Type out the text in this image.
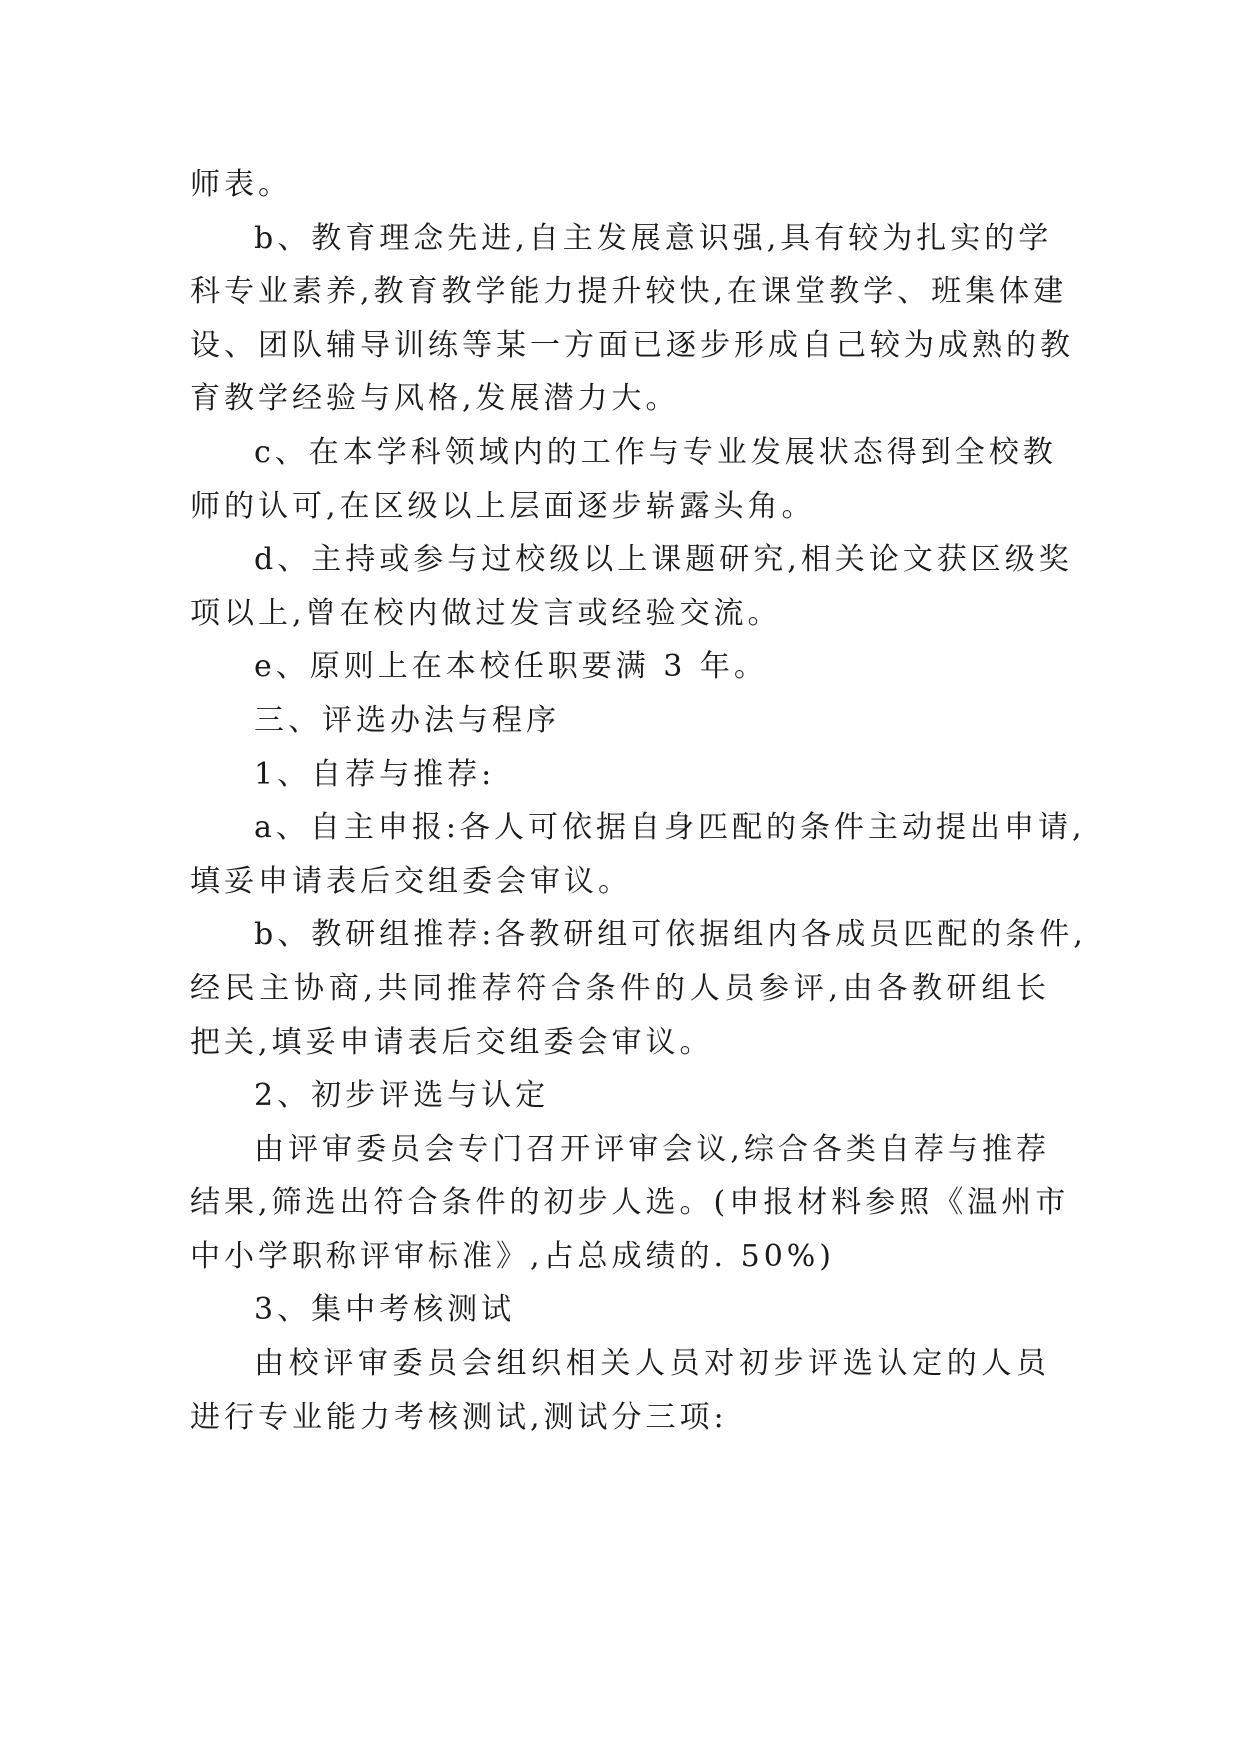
师表。
b、教育理念先进,自主发展意识强,具有较为扎实的学
科专业素养,教育教学能力提升较快,在课堂教学、班集体建
设、团队辅导训练等某一方面已逐步形成自己较为成熟的教
育教学经验与风格,发展潜力大。
c、在本学科领域内的工作与专业发展状态得到全校教
师的认可,在区级以上层面逐步崭露头角。
d、主持或参与过校级以上课题研究,相关论文获区级奖
项以上,曾在校内做过发言或经验交流。
e、原则上在本校任职要满 3 年。
三、评选办法与程序
1、自荐与推荐:
a、自主申报:各人可依据自身匹配的条件主动提出申请,
填妥申请表后交组委会审议。
b、教研组推荐:各教研组可依据组内各成员匹配的条件,
经民主协商,共同推荐符合条件的人员参评,由各教研组长
把关,填妥申请表后交组委会审议。
2、初步评选与认定
由评审委员会专门召开评审会议,综合各类自荐与推荐
结果,筛选出符合条件的初步人选。(申报材料参照《温州市
中小学职称评审标准》,占总成绩的. 50%)
3、集中考核测试
由校评审委员会组织相关人员对初步评选认定的人员
进行专业能力考核测试,测试分三项:
